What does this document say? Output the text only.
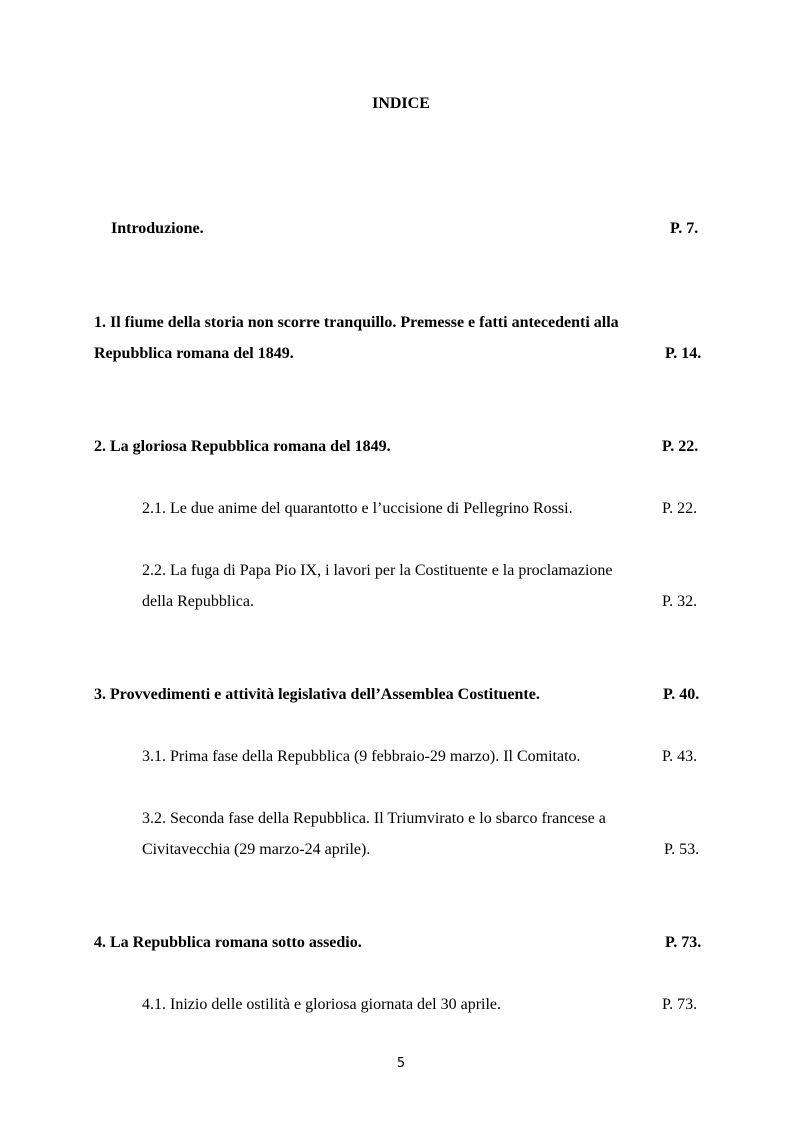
INDICE
Introduzione.	P. 7.
1. Il fiume della storia non scorre tranquillo. Premesse e fatti antecedenti alla
Repubblica romana del 1849.	P. 14.
2. La gloriosa Repubblica romana del 1849.	P. 22.
2.1. Le due anime del quarantotto e l’uccisione di Pellegrino Rossi.	P. 22.
2.2. La fuga di Papa Pio IX, i lavori per la Costituente e la proclamazione
della Repubblica.	P. 32.
3. Provvedimenti e attività legislativa dell’Assemblea Costituente.	P. 40.
3.1. Prima fase della Repubblica (9 febbraio-29 marzo). Il Comitato.	P. 43.
3.2. Seconda fase della Repubblica. Il Triumvirato e lo sbarco francese a
Civitavecchia (29 marzo-24 aprile).	P. 53.
4. La Repubblica romana sotto assedio.	P. 73.
4.1. Inizio delle ostilità e gloriosa giornata del 30 aprile.	P. 73.
5
